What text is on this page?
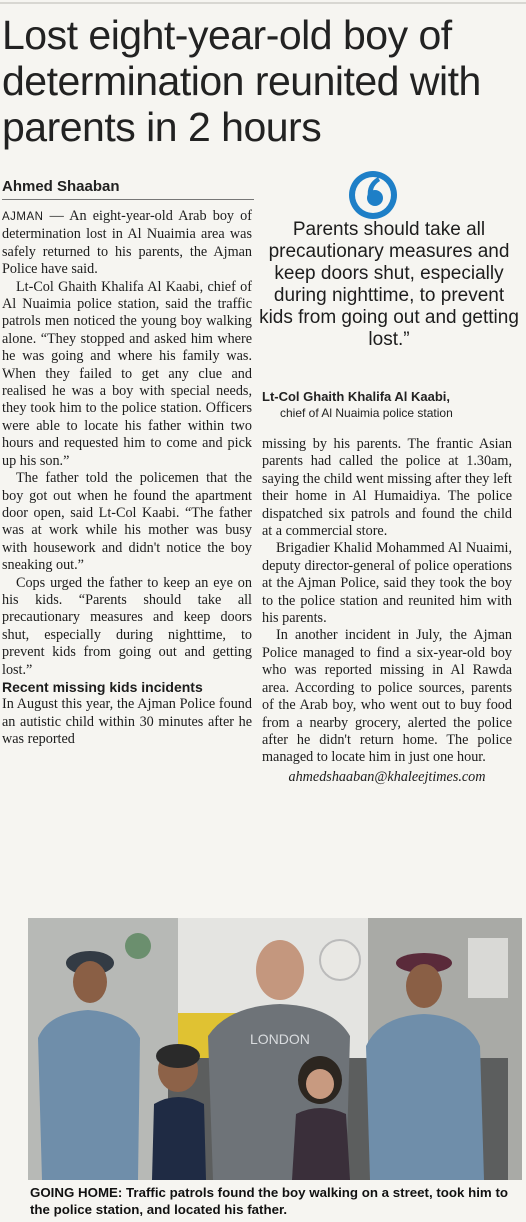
Lost eight-year-old boy of determination reunited with parents in 2 hours
Ahmed Shaaban

AJMAN — An eight-year-old Arab boy of determination lost in Al Nuaimia area was safely returned to his parents, the Ajman Police have said.

Lt-Col Ghaith Khalifa Al Kaabi, chief of Al Nuaimia police station, said the traffic patrols men noticed the young boy walking alone. “They stopped and asked him where he was going and where his family was. When they failed to get any clue and realised he was a boy with special needs, they took him to the police station. Officers were able to locate his father within two hours and requested him to come and pick up his son.”

The father told the policemen that the boy got out when he found the apartment door open, said Lt-Col Kaabi. “The father was at work while his mother was busy with housework and didn't notice the boy sneaking out.”

Cops urged the father to keep an eye on his kids. “Parents should take all precautionary measures and keep doors shut, especially during nighttime, to prevent kids from going out and getting lost.”

Recent missing kids incidents

In August this year, the Ajman Police found an autistic child within 30 minutes after he was reported

Parents should take all precautionary measures and keep doors shut, especially during nighttime, to prevent kids from going out and getting lost.”
Lt-Col Ghaith Khalifa Al Kaabi,
chief of Al Nuaimia police station

missing by his parents. The frantic Asian parents had called the police at 1.30am, saying the child went missing after they left their home in Al Humaidiya. The police dispatched six patrols and found the child at a commercial store.

Brigadier Khalid Mohammed Al Nuaimi, deputy director-general of police operations at the Ajman Police, said they took the boy to the police station and reunited him with his parents.

In another incident in July, the Ajman Police managed to find a six-year-old boy who was reported missing in Al Rawda area. According to police sources, parents of the Arab boy, who went out to buy food from a nearby grocery, alerted the police after he didn't return home. The police managed to locate him in just one hour.

ahmedshaaban@khaleejtimes.com

LONDON
GOING HOME: Traffic patrols found the boy walking on a street, took him to the police station, and located his father.
